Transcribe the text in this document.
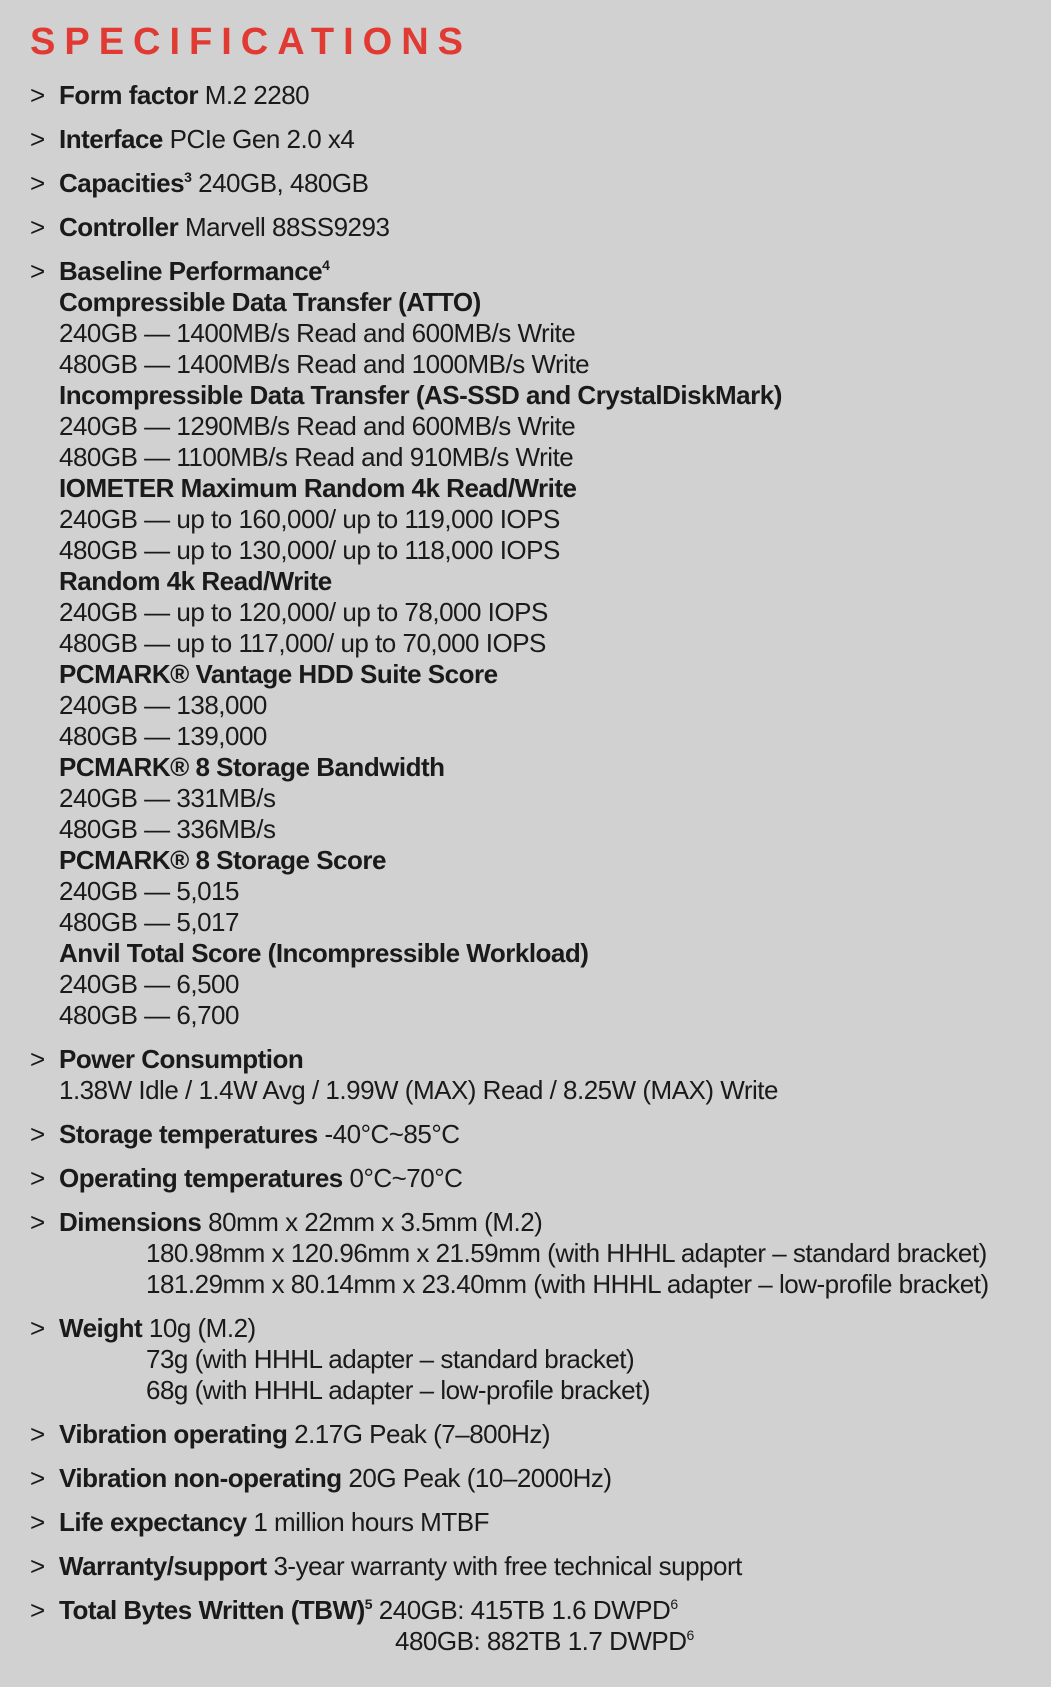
SPECIFICATIONS
> Form factor M.2 2280
> Interface PCIe Gen 2.0 x4
> Capacities$^3$ 240GB, 480GB
> Controller Marvell 88SS9293
> Baseline Performance$^4$
Compressible Data Transfer (ATTO)
240GB — 1400MB/s Read and 600MB/s Write
480GB — 1400MB/s Read and 1000MB/s Write
Incompressible Data Transfer (AS-SSD and CrystalDiskMark)
240GB — 1290MB/s Read and 600MB/s Write
480GB — 1100MB/s Read and 910MB/s Write
IOMETER Maximum Random 4k Read/Write
240GB — up to 160,000/ up to 119,000 IOPS
480GB — up to 130,000/ up to 118,000 IOPS
Random 4k Read/Write
240GB — up to 120,000/ up to 78,000 IOPS
480GB — up to 117,000/ up to 70,000 IOPS
PCMARK® Vantage HDD Suite Score
240GB — 138,000
480GB — 139,000
PCMARK® 8 Storage Bandwidth
240GB — 331MB/s
480GB — 336MB/s
PCMARK® 8 Storage Score
240GB — 5,015
480GB — 5,017
Anvil Total Score (Incompressible Workload)
240GB — 6,500
480GB — 6,700
> Power Consumption
1.38W Idle / 1.4W Avg / 1.99W (MAX) Read / 8.25W (MAX) Write
> Storage temperatures -40°C~85°C
> Operating temperatures 0°C~70°C
> Dimensions 80mm x 22mm x 3.5mm (M.2)
180.98mm x 120.96mm x 21.59mm (with HHHL adapter – standard bracket)
181.29mm x 80.14mm x 23.40mm (with HHHL adapter – low-profile bracket)
> Weight 10g (M.2)
73g (with HHHL adapter – standard bracket)
68g (with HHHL adapter – low-profile bracket)
> Vibration operating 2.17G Peak (7–800Hz)
> Vibration non-operating 20G Peak (10–2000Hz)
> Life expectancy 1 million hours MTBF
> Warranty/support 3-year warranty with free technical support
> Total Bytes Written (TBW)$^5$ 240GB: 415TB 1.6 DWPD$^6$
480GB: 882TB 1.7 DWPD$^6$
